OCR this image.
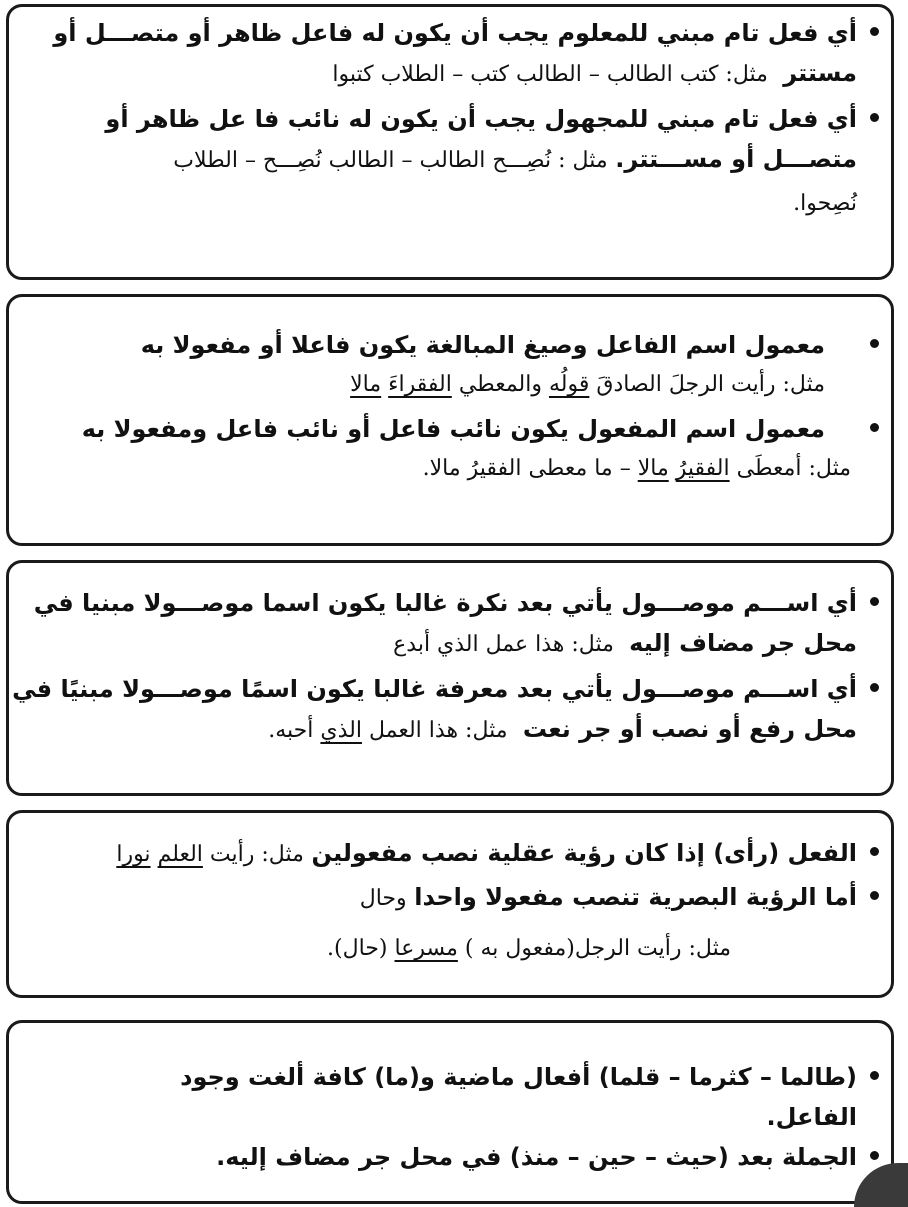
أي فعل تام مبني للمعلوم يجب أن يكون له فاعل ظاهر أو متصـــل أو
مستتر  مثل: كتب الطالب – الطالب كتب – الطلاب كتبوا
أي فعل تام مبني للمجهول يجب أن يكون له نائب فا عل ظاهر أو
متصـــل أو مســـتتر. مثل : نُصِـــح الطالب – الطالب نُصِـــح – الطلاب
نُصِحوا.
معمول اسم الفاعل وصيغ المبالغة يكون فاعلا أو مفعولا به
مثل: رأيت الرجلَ الصادقَ قولُه والمعطي الفقراءَ مالا
معمول اسم المفعول يكون نائب فاعل أو نائب فاعل ومفعولا به
مثل: أمعطَى الفقيرُ مالا – ما معطى الفقيرُ مالا.
أي اســـم موصـــول يأتي بعد نكرة غالبا يكون اسما موصـــولا مبنيا في
محل جر مضاف إليه  مثل: هذا عمل الذي أبدع
أي اســـم موصـــول يأتي بعد معرفة غالبا يكون اسمًا موصـــولا مبنيًا في
محل رفع أو نصب أو جر نعت  مثل: هذا العمل الذي أحبه.
الفعل (رأى) إذا كان رؤية عقلية نصب مفعولين مثل: رأيت العلم نورا
أما الرؤية البصرية تنصب مفعولا واحدا وحال
مثل: رأيت الرجل(مفعول به ) مسرعا (حال).
(طالما – كثرما – قلما) أفعال ماضية و(ما) كافة ألغت وجود
الفاعل.
الجملة بعد (حيث – حين – منذ) في محل جر مضاف إليه.
